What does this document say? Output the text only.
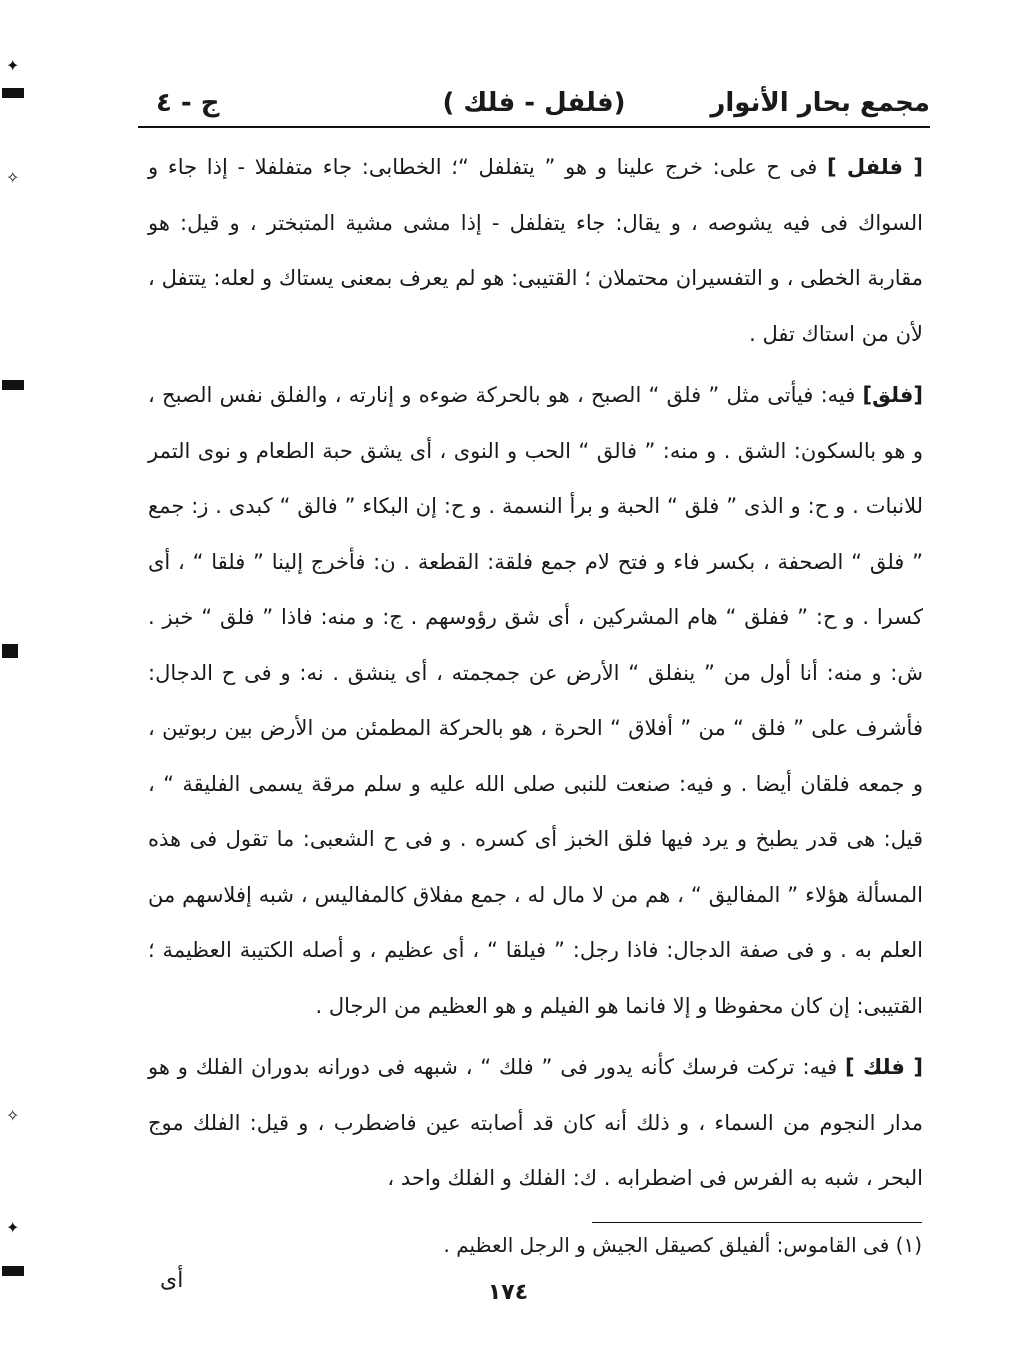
✦
✧
✧
✦
مجمع بحار الأنوار
(فلفل - فلك )
ج - ٤

[ فلفل ] فى ح على: خرج علينا و هو ” يتفلفل “؛ الخطابى: جاء متفلفلا - إذا جاء و السواك فى فيه يشوصه ، و يقال: جاء يتفلفل - إذا مشى مشية المتبختر ، و قيل: هو مقاربة الخطى ، و التفسيران محتملان ؛ القتيبى: هو لم يعرف بمعنى يستاك و لعله: يتتفل ، لأن من استاك تفل .

[فلق] فيه: فيأتى مثل ” فلق “ الصبح ، هو بالحركة ضوءه و إنارته ، والفلق نفس الصبح ، و هو بالسكون: الشق . و منه: ” فالق “ الحب و النوى ، أى يشق حبة الطعام و نوى التمر للانبات . و ح: و الذى ” فلق “ الحبة و برأ النسمة . و ح: إن البكاء ” فالق “ كبدى . ز: جمع ” فلق “ الصحفة ، بكسر فاء و فتح لام جمع فلقة: القطعة . ن: فأخرج إلينا ” فلقا “ ، أى كسرا . و ح: ” ففلق “ هام المشركين ، أى شق رؤوسهم . ج: و منه: فاذا ” فلق “ خبز . ش: و منه: أنا أول من ” ينفلق “ الأرض عن جمجمته ، أى ينشق . نه: و فى ح الدجال: فأشرف على ” فلق “ من ” أفلاق “ الحرة ، هو بالحركة المطمئن من الأرض بين ربوتين ، و جمعه فلقان أيضا . و فيه: صنعت للنبى صلى الله عليه و سلم مرقة يسمى الفليقة “ ، قيل: هى قدر يطبخ و يرد فيها فلق الخبز أى كسره . و فى ح الشعبى: ما تقول فى هذه المسألة هؤلاء ” المفاليق “ ، هم من لا مال له ، جمع مفلاق كالمفاليس ، شبه إفلاسهم من العلم به . و فى صفة الدجال: فاذا رجل: ” فيلقا “ ، أى عظيم ، و أصله الكتيبة العظيمة ؛ القتيبى: إن كان محفوظا و إلا فانما هو الفيلم و هو العظيم من الرجال .

[ فلك ] فيه: تركت فرسك كأنه يدور فى ” فلك “ ، شبهه فى دورانه بدوران الفلك و هو مدار النجوم من السماء ، و ذلك أنه كان قد أصابته عين فاضطرب ، و قيل: الفلك موج البحر ، شبه به الفرس فى اضطرابه . ك: الفلك و الفلك واحد ،

(١) فى القاموس: ألفيلق كصيقل الجيش و الرجل العظيم .
أى	١٧٤
